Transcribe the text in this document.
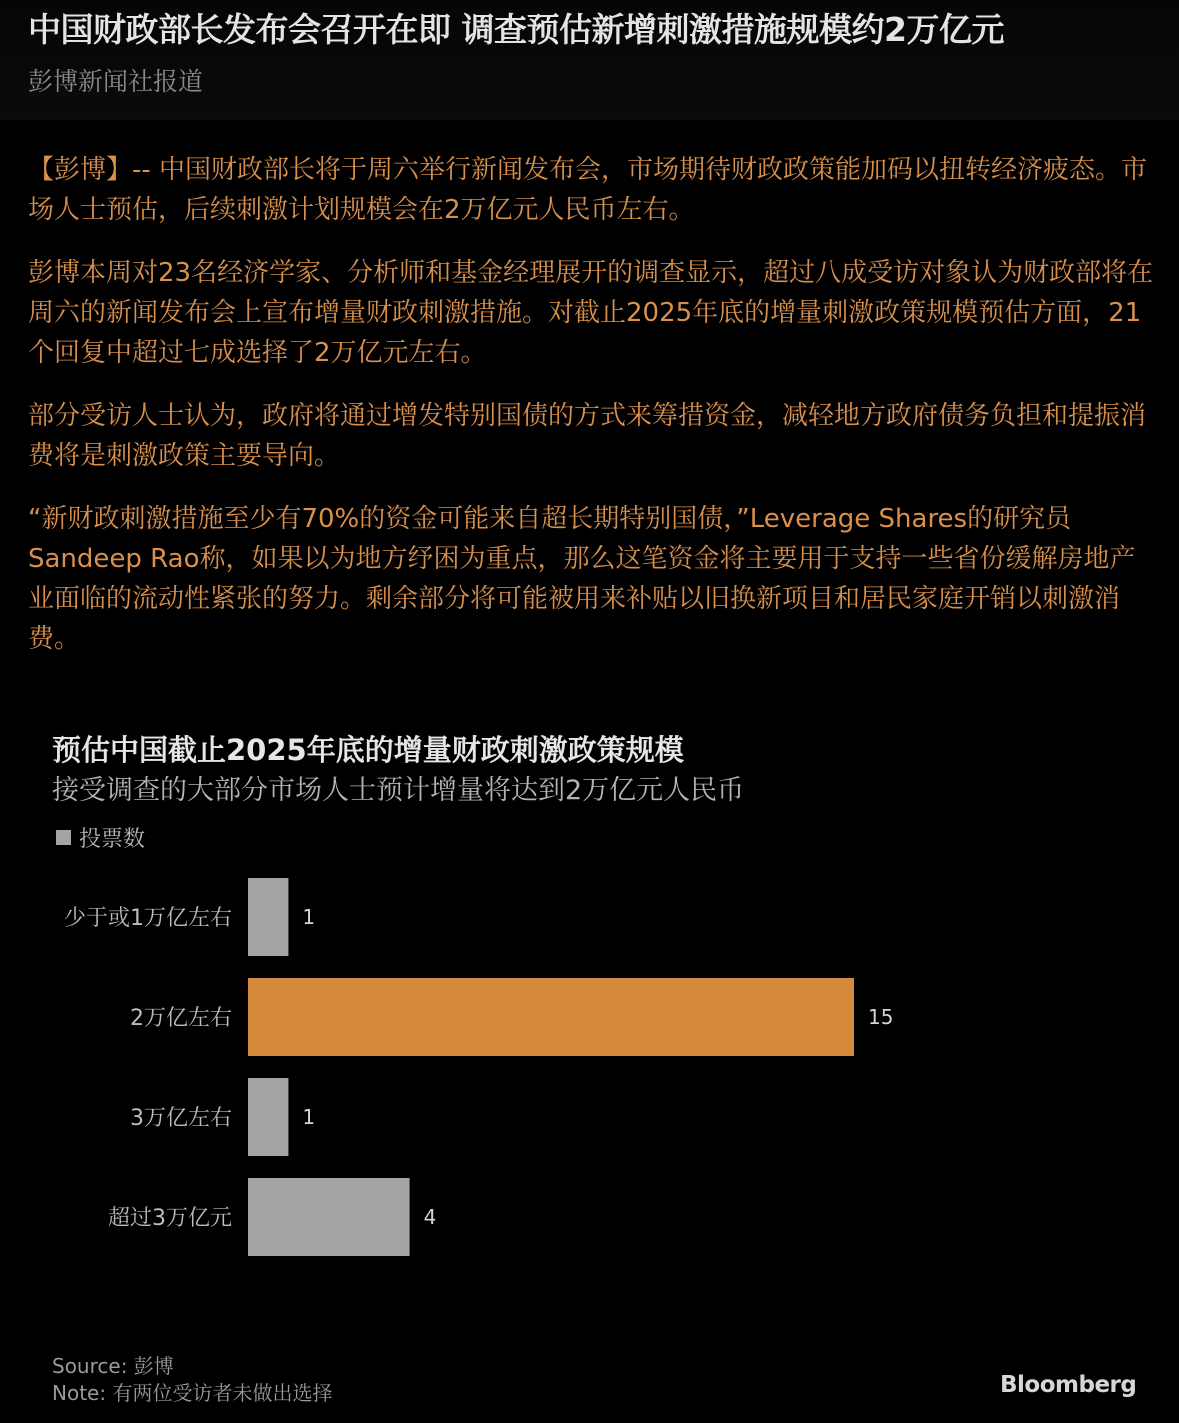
中国财政部长发布会召开在即 调查预估新增刺激措施规模约2万亿元
彭博新闻社报道

【彭博】-- 中国财政部长将于周六举行新闻发布会，市场期待财政政策能加码以扭转经济疲态。市场人士预估，后续刺激计划规模会在2万亿元人民币左右。

彭博本周对23名经济学家、分析师和基金经理展开的调查显示，超过八成受访对象认为财政部将在周六的新闻发布会上宣布增量财政刺激措施。对截止2025年底的增量刺激政策规模预估方面，21个回复中超过七成选择了2万亿元左右。

部分受访人士认为，政府将通过增发特别国债的方式来筹措资金，减轻地方政府债务负担和提振消费将是刺激政策主要导向。

“新财政刺激措施至少有70%的资金可能来自超长期特别国债，”Leverage Shares的研究员Sandeep Rao称，如果以为地方纾困为重点，那么这笔资金将主要用于支持一些省份缓解房地产业面临的流动性紧张的努力。剩余部分将可能被用来补贴以旧换新项目和居民家庭开销以刺激消费。

预估中国截止2025年底的增量财政刺激政策规模
接受调查的大部分市场人士预计增量将达到2万亿元人民币
投票数
少于或1万亿左右	1
2万亿左右	15
3万亿左右	1
超过3万亿元	4
Source: 彭博
Note: 有两位受访者未做出选择	Bloomberg
